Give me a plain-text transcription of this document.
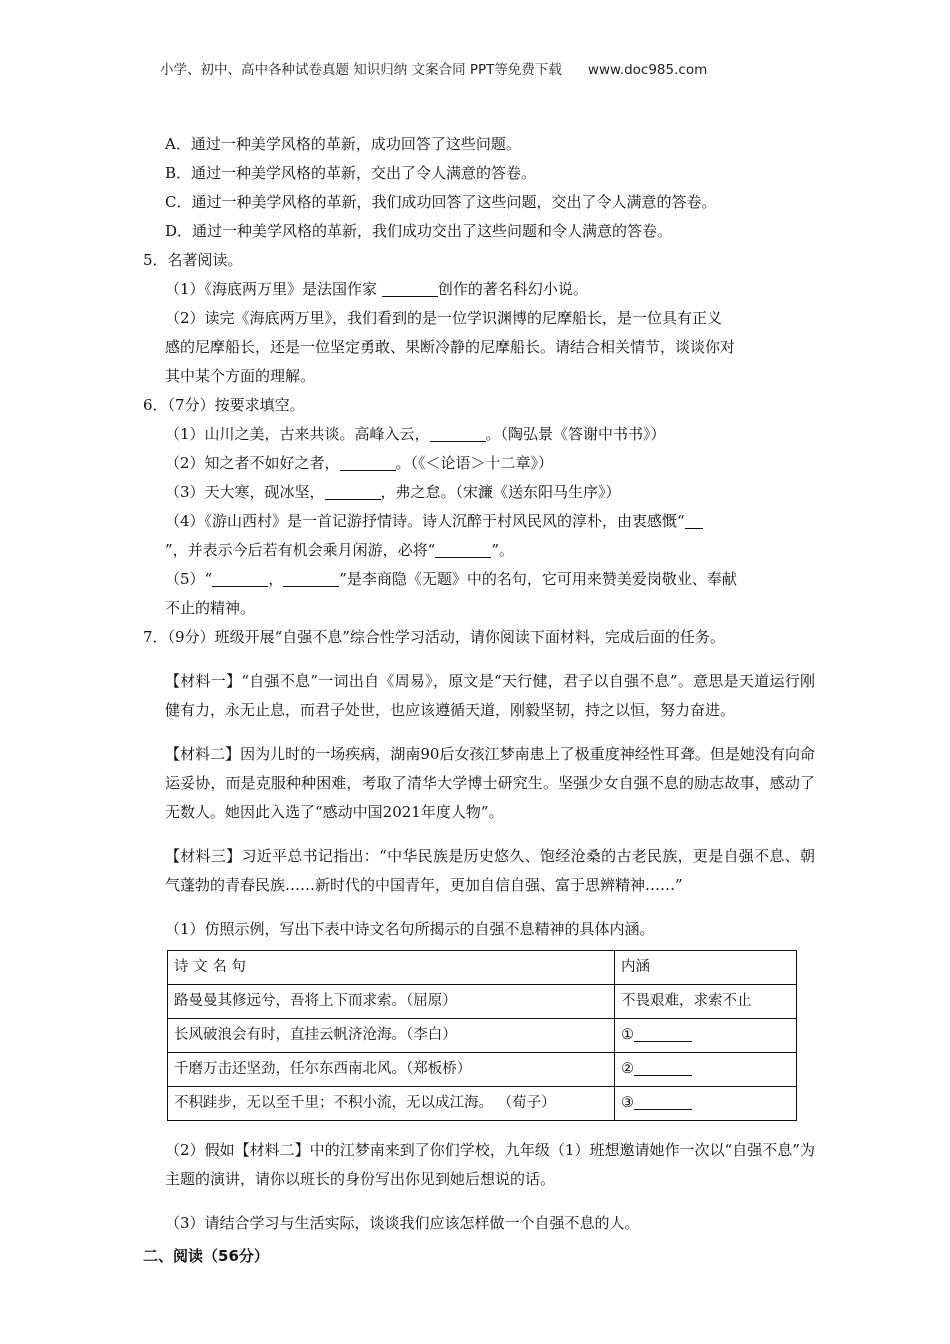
小学、初中、高中各种试卷真题 知识归纳 文案合同 PPT等免费下载 www.doc985.com

A．通过一种美学风格的革新，成功回答了这些问题。

B．通过一种美学风格的革新，交出了令人满意的答卷。

C．通过一种美学风格的革新，我们成功回答了这些问题，交出了令人满意的答卷。

D．通过一种美学风格的革新，我们成功交出了这些问题和令人满意的答卷。

5．名著阅读。

（1）《海底两万里》是法国作家	创作的著名科幻小说。

（2）读完《海底两万里》，我们看到的是一位学识渊博的尼摩船长，是一位具有正义

感的尼摩船长，还是一位坚定勇敢、果断冷静的尼摩船长。请结合相关情节，谈谈你对

其中某个方面的理解。

6．（7分）按要求填空。

（1）山川之美，古来共谈。高峰入云，	。（陶弘景《答谢中书书》）

（2）知之者不如好之者，	。（《＜论语＞十二章》）

（3）天大寒，砚冰坚，	，弗之怠。（宋濂《送东阳马生序》）

（4）《游山西村》是一首记游抒情诗。诗人沉醉于村风民风的淳朴，由衷感慨“

”，并表示今后若有机会乘月闲游，必将“	”。

（5）“	，	”是李商隐《无题》中的名句，它可用来赞美爱岗敬业、奉献

不止的精神。

7．（9分）班级开展“自强不息”综合性学习活动，请你阅读下面材料，完成后面的任务。

【材料一】“自强不息”一词出自《周易》，原文是“天行健，君子以自强不息”。意思是天道运行刚健有力，永无止息，而君子处世，也应该遵循天道，刚毅坚韧，持之以恒，努力奋进。

【材料二】因为儿时的一场疾病，湖南90后女孩江梦南患上了极重度神经性耳聋。但是她没有向命运妥协，而是克服种种困难，考取了清华大学博士研究生。坚强少女自强不息的励志故事，感动了无数人。她因此入选了“感动中国2021年度人物”。

【材料三】习近平总书记指出：“中华民族是历史悠久、饱经沧桑的古老民族，更是自强不息、朝气蓬勃的青春民族……新时代的中国青年，更加自信自强、富于思辨精神……”

（1）仿照示例，写出下表中诗文名句所揭示的自强不息精神的具体内涵。

诗 文 名 句	内涵
路曼曼其修远兮，吾将上下而求索。（屈原）	不畏艰难，求索不止
长风破浪会有时，直挂云帆济沧海。（李白）	①
千磨万击还坚劲，任尔东西南北风。（郑板桥）	②
不积跬步，无以至千里；不积小流，无以成江海。 （荀子）	③

（2）假如【材料二】中的江梦南来到了你们学校，九年级（1）班想邀请她作一次以“自强不息”为主题的演讲，请你以班长的身份写出你见到她后想说的话。

（3）请结合学习与生活实际，谈谈我们应该怎样做一个自强不息的人。

二、阅读（56分）
